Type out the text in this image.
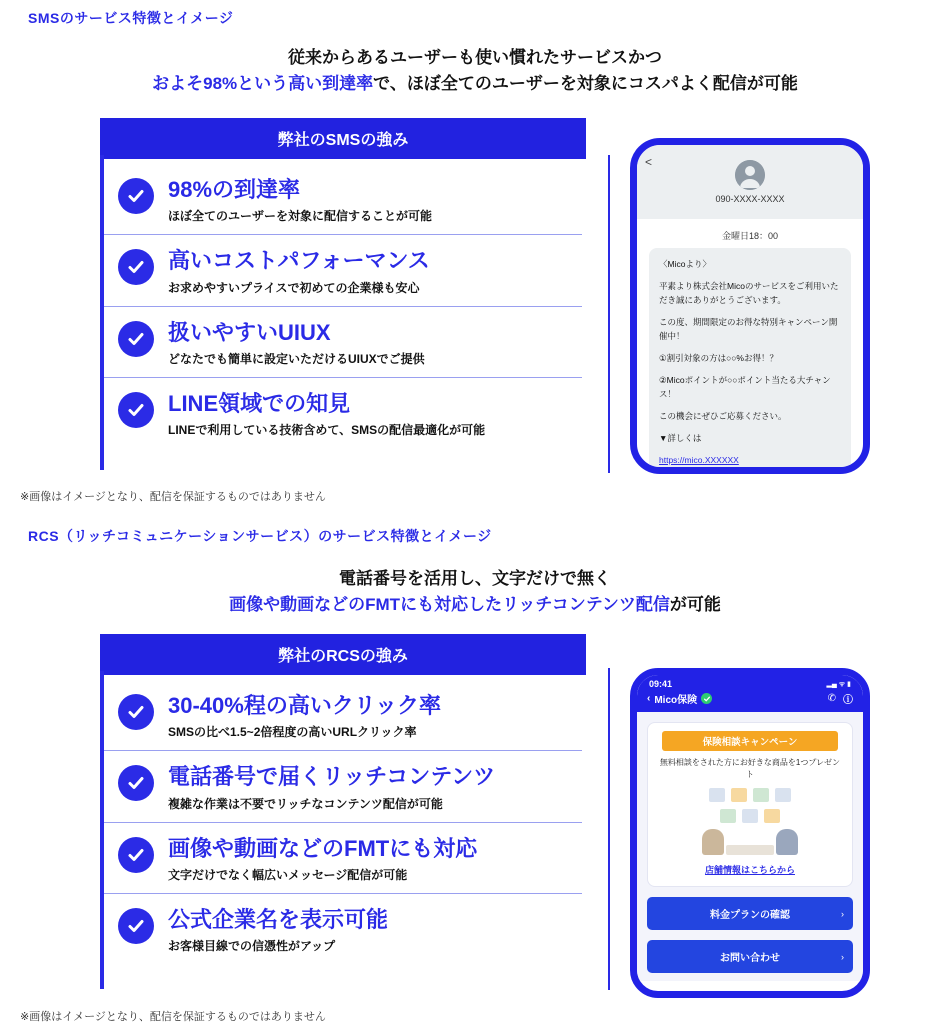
SMSのサービス特徴とイメージ
従来からあるユーザーも使い慣れたサービスかつ
およそ98%という高い到達率で、ほぼ全てのユーザーを対象にコスパよく配信が可能
弊社のSMSの強み
98%の到達率
ほぼ全てのユーザーを対象に配信することが可能
高いコストパフォーマンス
お求めやすいプライスで初めての企業様も安心
扱いやすいUIUX
どなたでも簡単に設定いただけるUIUXでご提供
LINE領域での知見
LINEで利用している技術含めて、SMSの配信最適化が可能
<
090-XXXX-XXXX
金曜日18：00

〈Micoより〉

平素より株式会社Micoのサービスをご利用いただき誠にありがとうございます。

この度、期間限定のお得な特別キャンペーン開催中！

①割引対象の方は○○%お得！？

②Micoポイントが○○ポイント当たる大チャンス！

この機会にぜひご応募ください。

▼詳しくは

https://mico.XXXXXX

※画像はイメージとなり、配信を保証するものではありません
RCS（リッチコミュニケーションサービス）のサービス特徴とイメージ
電話番号を活用し、文字だけで無く
画像や動画などのFMTにも対応したリッチコンテンツ配信が可能
弊社のRCSの強み
30-40%程の高いクリック率
SMSの比べ1.5~2倍程度の高いURLクリック率
電話番号で届くリッチコンテンツ
複雑な作業は不要でリッチなコンテンツ配信が可能
画像や動画などのFMTにも対応
文字だけでなく幅広いメッセージ配信が可能
公式企業名を表示可能
お客様目線での信憑性がアップ
09:41	▂▄ ᯤ ▮
‹ Mico保険	✆ ⓘ
保険相談キャンペーン
無料相談をされた方にお好きな商品を1つプレゼント
店舗情報はこちらから
料金プランの確認	›
お問い合わせ	›
※画像はイメージとなり、配信を保証するものではありません
